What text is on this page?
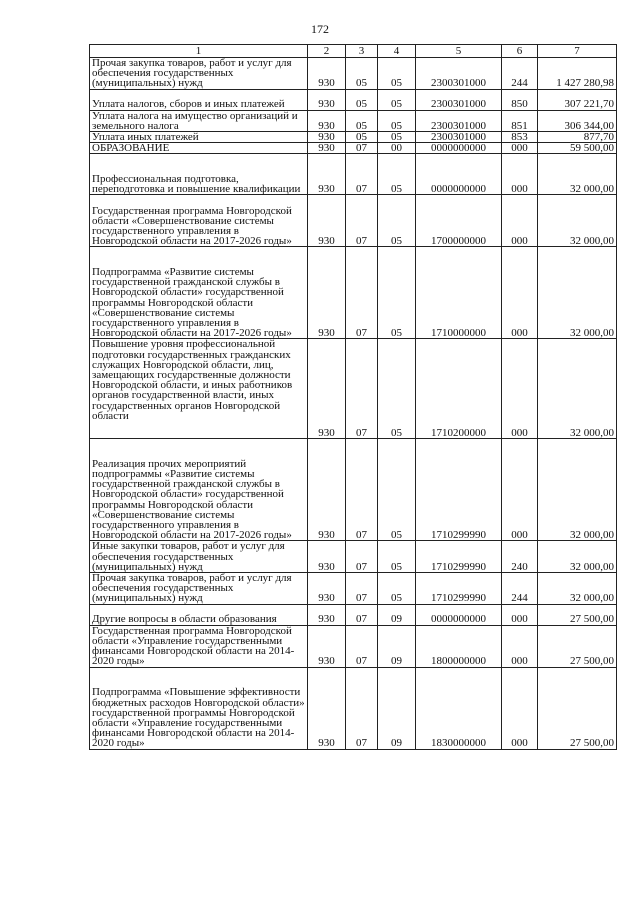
172
1	2	3	4	5	6	7
Прочая закупка товаров, работ и услуг для обеспечения государственных (муниципальных) нужд	930	05	05	2300301000	244	1 427 280,98
Уплата налогов, сборов и иных платежей	930	05	05	2300301000	850	307 221,70
Уплата налога на имущество организаций и земельного налога	930	05	05	2300301000	851	306 344,00
Уплата иных платежей	930	05	05	2300301000	853	877,70
ОБРАЗОВАНИЕ	930	07	00	0000000000	000	59 500,00
Профессиональная подготовка, переподготовка и повышение квалификации	930	07	05	0000000000	000	32 000,00
Государственная программа Новгородской области «Совершенствование системы государственного управления в Новгородской области на 2017-2026 годы»	930	07	05	1700000000	000	32 000,00
Подпрограмма «Развитие системы государственной гражданской службы в Новгородской области» государственной программы Новгородской области «Совершенствование системы государственного управления в Новгородской области на 2017-2026 годы»	930	07	05	1710000000	000	32 000,00
Повышение уровня профессиональной подготовки государственных гражданских служащих Новгородской области, лиц, замещающих государственные должности Новгородской области, и иных работников органов государственной власти, иных государственных органов Новгородской области	930	07	05	1710200000	000	32 000,00
Реализация прочих мероприятий подпрограммы «Развитие системы государственной гражданской службы в Новгородской области» государственной программы Новгородской области «Совершенствование системы государственного управления в Новгородской области на 2017-2026 годы»	930	07	05	1710299990	000	32 000,00
Иные закупки товаров, работ и услуг для обеспечения государственных (муниципальных) нужд	930	07	05	1710299990	240	32 000,00
Прочая закупка товаров, работ и услуг для обеспечения государственных (муниципальных) нужд	930	07	05	1710299990	244	32 000,00
Другие вопросы в области образования	930	07	09	0000000000	000	27 500,00
Государственная программа Новгородской области «Управление государственными финансами Новгородской области на 2014-2020 годы»	930	07	09	1800000000	000	27 500,00
Подпрограмма «Повышение эффективности бюджетных расходов Новгородской области» государственной программы Новгородской области «Управление государственными финансами Новгородской области на 2014-2020 годы»	930	07	09	1830000000	000	27 500,00
